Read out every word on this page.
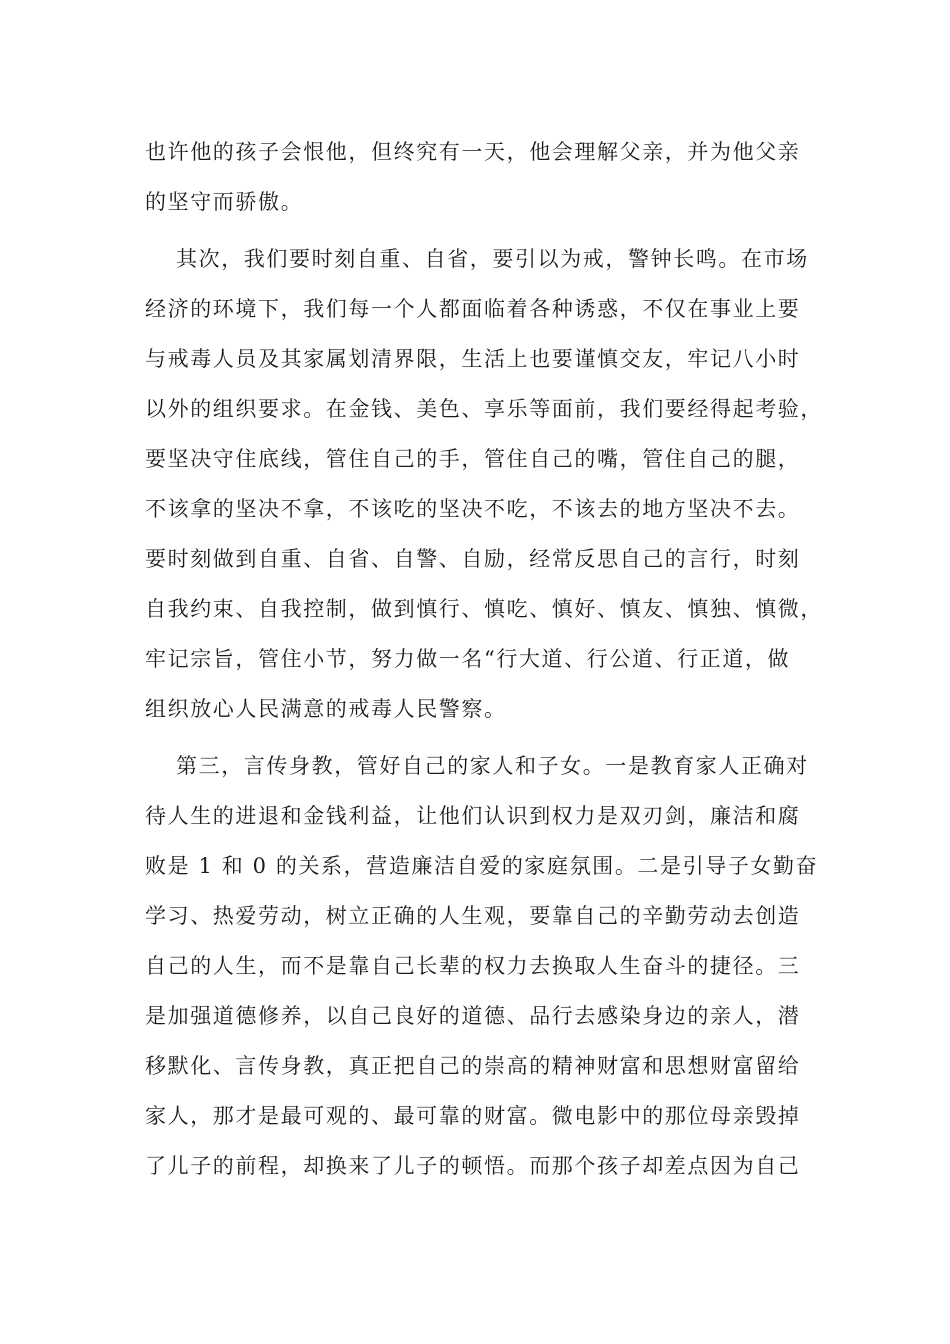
也许他的孩子会恨他，但终究有一天，他会理解父亲，并为他父亲
的坚守而骄傲。
其次，我们要时刻自重、自省，要引以为戒，警钟长鸣。在市场
经济的环境下，我们每一个人都面临着各种诱惑，不仅在事业上要
与戒毒人员及其家属划清界限，生活上也要谨慎交友，牢记八小时
以外的组织要求。在金钱、美色、享乐等面前，我们要经得起考验，
要坚决守住底线，管住自己的手，管住自己的嘴，管住自己的腿，
不该拿的坚决不拿，不该吃的坚决不吃，不该去的地方坚决不去。
要时刻做到自重、自省、自警、自励，经常反思自己的言行，时刻
自我约束、自我控制，做到慎行、慎吃、慎好、慎友、慎独、慎微，
牢记宗旨，管住小节，努力做一名“行大道、行公道、行正道，做
组织放心人民满意的戒毒人民警察。
第三，言传身教，管好自己的家人和子女。一是教育家人正确对
待人生的进退和金钱利益，让他们认识到权力是双刃剑，廉洁和腐
败是 1 和 0 的关系，营造廉洁自爱的家庭氛围。二是引导子女勤奋
学习、热爱劳动，树立正确的人生观，要靠自己的辛勤劳动去创造
自己的人生，而不是靠自己长辈的权力去换取人生奋斗的捷径。三
是加强道德修养，以自己良好的道德、品行去感染身边的亲人，潜
移默化、言传身教，真正把自己的崇高的精神财富和思想财富留给
家人，那才是最可观的、最可靠的财富。微电影中的那位母亲毁掉
了儿子的前程，却换来了儿子的顿悟。而那个孩子却差点因为自己
